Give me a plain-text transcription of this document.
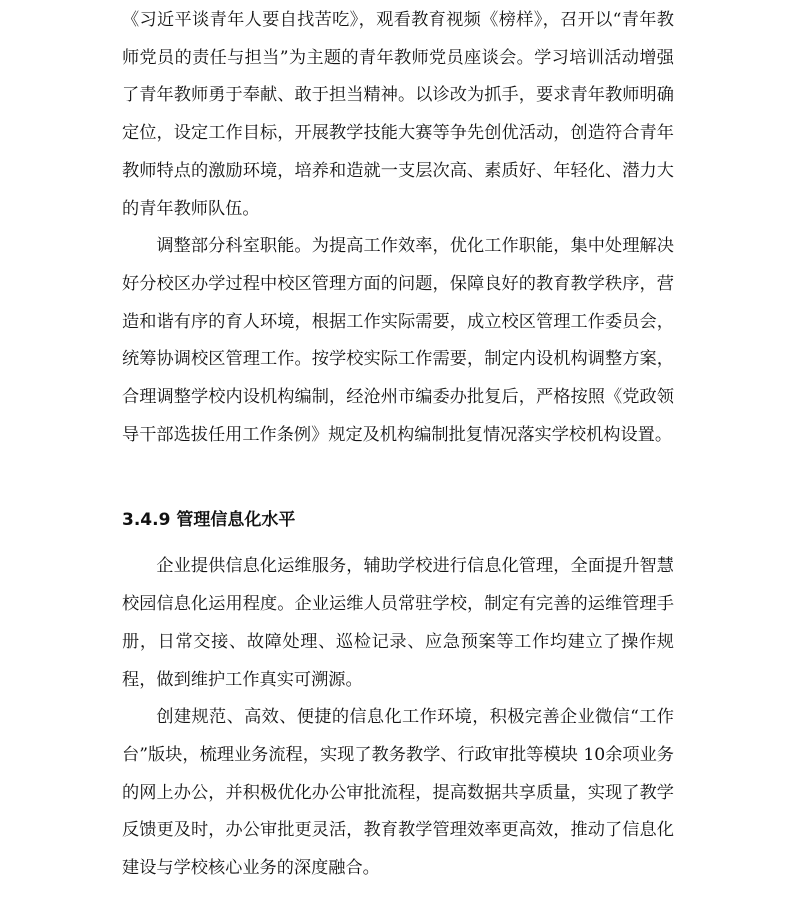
《习近平谈青年人要自找苦吃》，观看教育视频《榜样》，召开以“青年教师党员的责任与担当”为主题的青年教师党员座谈会。学习培训活动增强了青年教师勇于奉献、敢于担当精神。以诊改为抓手，要求青年教师明确定位，设定工作目标，开展教学技能大赛等争先创优活动，创造符合青年教师特点的激励环境，培养和造就一支层次高、素质好、年轻化、潜力大的青年教师队伍。

调整部分科室职能。为提高工作效率，优化工作职能，集中处理解决好分校区办学过程中校区管理方面的问题，保障良好的教育教学秩序，营造和谐有序的育人环境，根据工作实际需要，成立校区管理工作委员会，统筹协调校区管理工作。按学校实际工作需要，制定内设机构调整方案，合理调整学校内设机构编制，经沧州市编委办批复后，严格按照《党政领导干部选拔任用工作条例》规定及机构编制批复情况落实学校机构设置。

3.4.9 管理信息化水平

企业提供信息化运维服务，辅助学校进行信息化管理，全面提升智慧校园信息化运用程度。企业运维人员常驻学校，制定有完善的运维管理手册，日常交接、故障处理、巡检记录、应急预案等工作均建立了操作规程，做到维护工作真实可溯源。

创建规范、高效、便捷的信息化工作环境，积极完善企业微信“工作台”版块，梳理业务流程，实现了教务教学、行政审批等模块 10余项业务的网上办公，并积极优化办公审批流程，提高数据共享质量，实现了教学反馈更及时，办公审批更灵活，教育教学管理效率更高效，推动了信息化建设与学校核心业务的深度融合。
